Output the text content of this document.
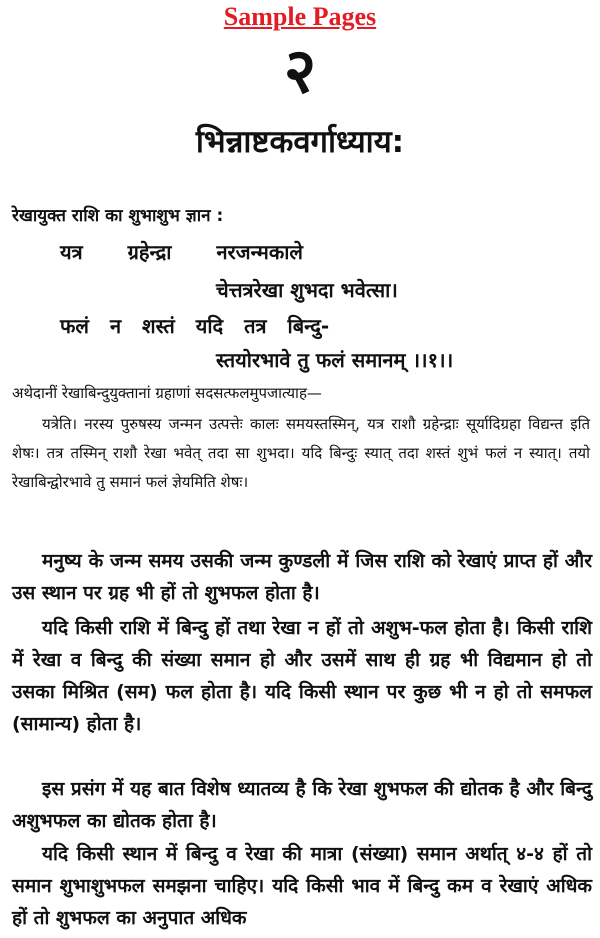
Sample Pages
२
भिन्नाष्टकवर्गाध्याय:
रेखायुक्त राशि का शुभाशुभ ज्ञान :
यत्र ग्रहेन्द्रा नरजन्मकाले
चेत्तत्ररेखा शुभदा भवेत्सा।
फलं न शस्तं यदि तत्र बिन्दु-
स्तयोरभावे तु फलं समानम् ।।१।।
अथेदानीं रेखाबिन्दुयुक्तानां ग्रहाणां सदसत्फलमुपजात्याह—
यत्रेति। नरस्य पुरुषस्य जन्मन उत्पत्तेः कालः समयस्तस्मिन्, यत्र राशौ ग्रहेन्द्राः सूर्यादिग्रहा विद्यन्त इति शेषः। तत्र तस्मिन् राशौ रेखा भवेत् तदा सा शुभदा। यदि बिन्दुः स्यात् तदा शस्तं शुभं फलं न स्यात्। तयो रेखाबिन्द्वोरभावे तु समानं फलं ज्ञेयमिति शेषः।
मनुष्य के जन्म समय उसकी जन्म कुण्डली में जिस राशि को रेखाएं प्राप्त हों और उस स्थान पर ग्रह भी हों तो शुभफल होता है।
यदि किसी राशि में बिन्दु हों तथा रेखा न हों तो अशुभ-फल होता है। किसी राशि में रेखा व बिन्दु की संख्या समान हो और उसमें साथ ही ग्रह भी विद्यमान हो तो उसका मिश्रित (सम) फल होता है। यदि किसी स्थान पर कुछ भी न हो तो समफल (सामान्य) होता है।
इस प्रसंग में यह बात विशेष ध्यातव्य है कि रेखा शुभफल की द्योतक है और बिन्दु अशुभफल का द्योतक होता है।
यदि किसी स्थान में बिन्दु व रेखा की मात्रा (संख्या) समान अर्थात् ४-४ हों तो समान शुभाशुभफल समझना चाहिए। यदि किसी भाव में बिन्दु कम व रेखाएं अधिक हों तो शुभफल का अनुपात अधिक
